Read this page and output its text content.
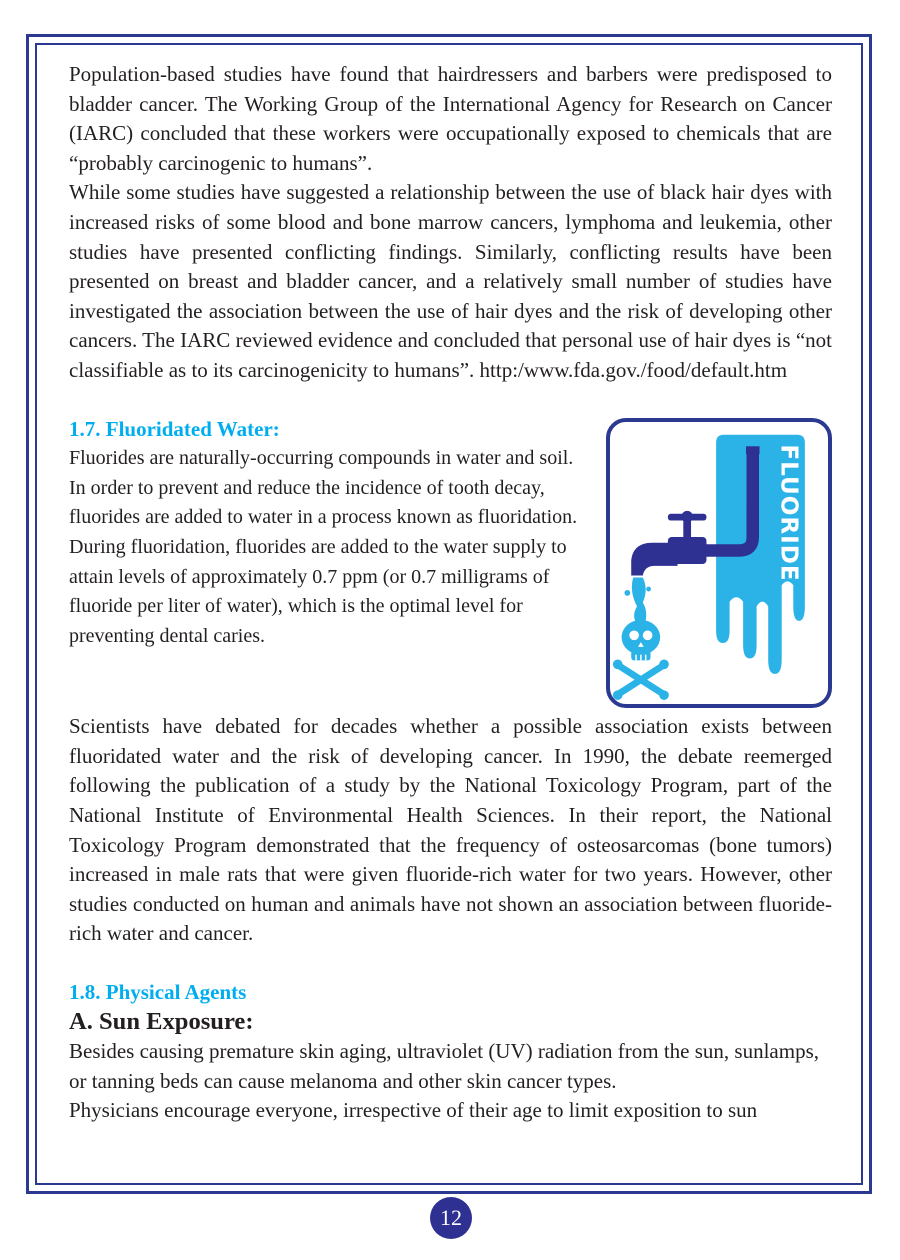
Population-based studies have found that hairdressers and barbers were predisposed to bladder cancer. The Working Group of the International Agency for Research on Cancer (IARC) concluded that these workers were occupationally exposed to chemicals that are “probably carcinogenic to humans”.

While some studies have suggested a relationship between the use of black hair dyes with increased risks of some blood and bone marrow cancers, lymphoma and leukemia, other studies have presented conflicting findings. Similarly, conflicting results have been presented on breast and bladder cancer, and a relatively small number of studies have investigated the association between the use of hair dyes and the risk of developing other cancers. The IARC reviewed evidence and concluded that personal use of hair dyes is “not classifiable as to its carcinogenicity to humans”. http:/www.fda.gov./food/default.htm

1.7. Fluoridated Water:
FLUORIDE

Fluorides are naturally-occurring compounds in water and soil. In order to prevent and reduce the incidence of tooth decay, fluorides are added to water in a process known as fluoridation. During fluoridation, fluorides are added to the water supply to attain levels of approximately 0.7 ppm (or 0.7 milligrams of fluoride per liter of water), which is the optimal level for preventing dental caries.

Scientists have debated for decades whether a possible association exists between fluoridated water and the risk of developing cancer. In 1990, the debate reemerged following the publication of a study by the National Toxicology Program, part of the National Institute of Environmental Health Sciences. In their report, the National Toxicology Program demonstrated that the frequency of osteosarcomas (bone tumors) increased in male rats that were given fluoride-rich water for two years. However, other studies conducted on human and animals have not shown an association between fluoride-rich water and cancer.

1.8. Physical Agents
A. Sun Exposure:

Besides causing premature skin aging, ultraviolet (UV) radiation from the sun, sunlamps, or tanning beds can cause melanoma and other skin cancer types.

Physicians encourage everyone, irrespective of their age to limit exposition to sun

12
